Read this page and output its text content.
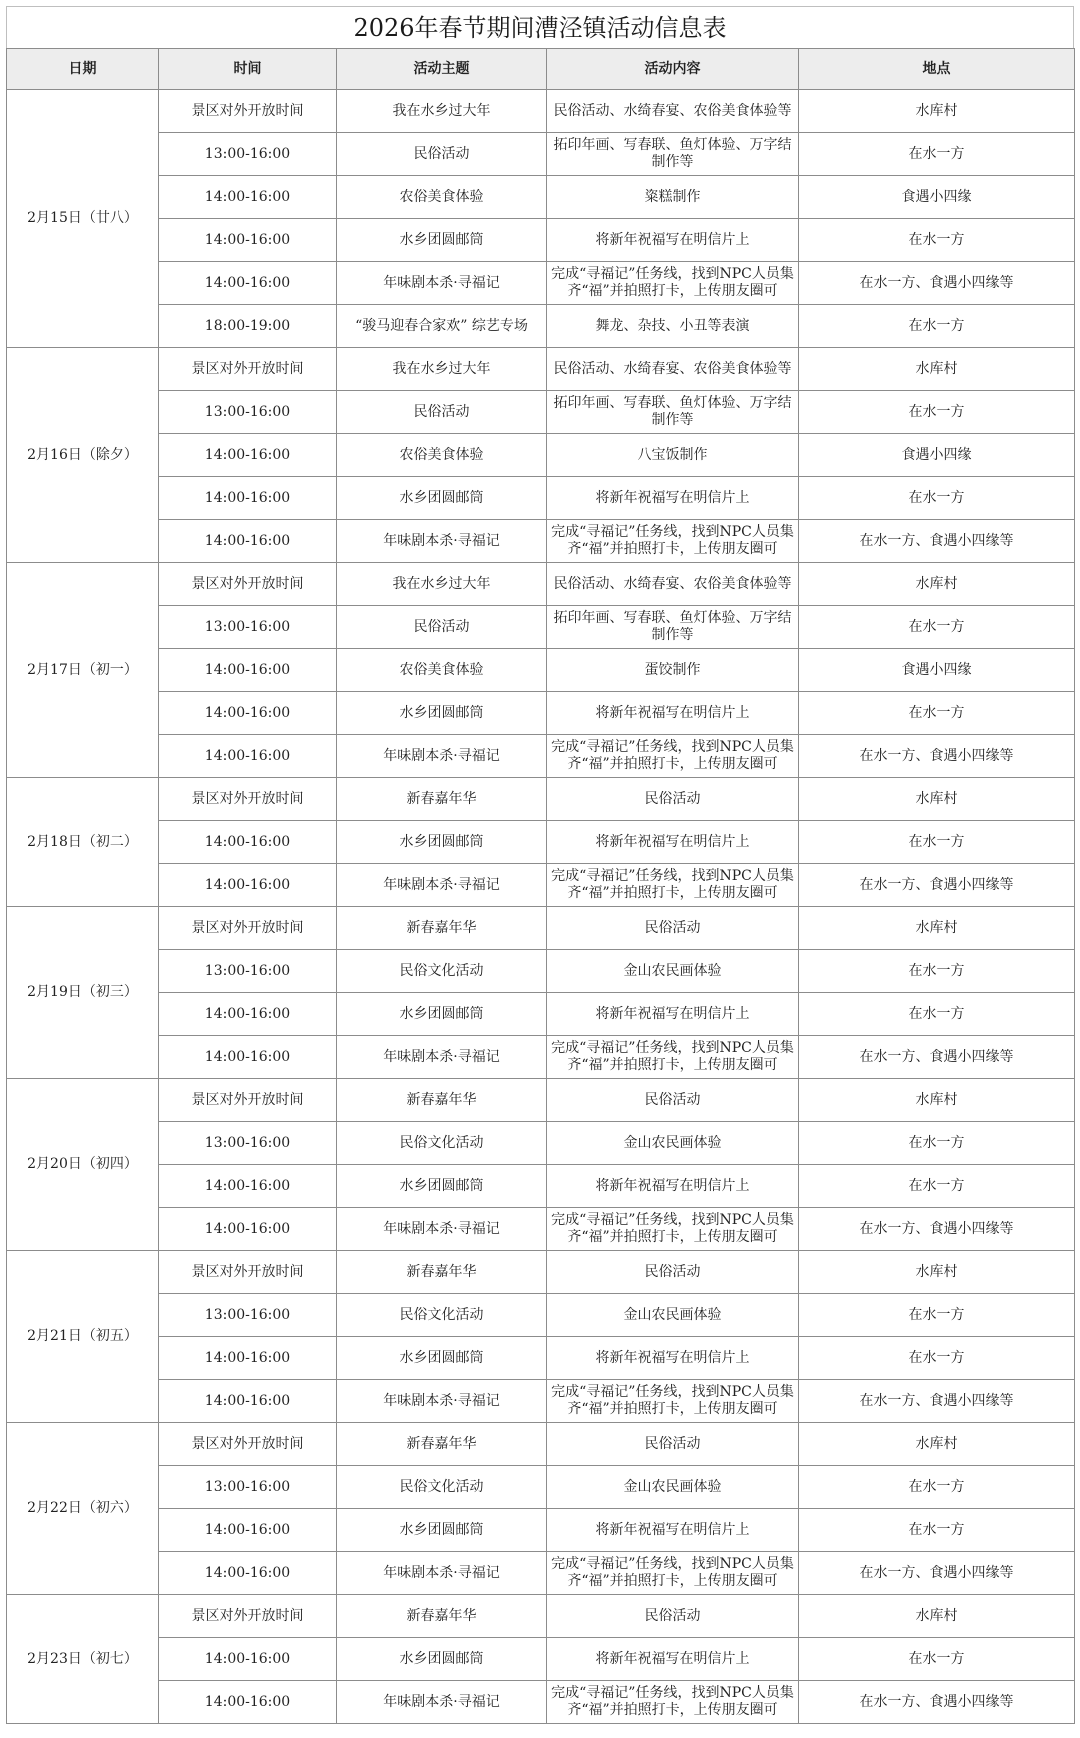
2026年春节期间漕泾镇活动信息表
日期	时间	活动主题	活动内容	地点
2月15日（廿八）	景区对外开放时间	我在水乡过大年	民俗活动、水绮春宴、农俗美食体验等	水库村
	13:00-16:00	民俗活动	拓印年画、写春联、鱼灯体验、万字结制作等	在水一方
	14:00-16:00	农俗美食体验	粢糕制作	食遇小四缘
	14:00-16:00	水乡团圆邮筒	将新年祝福写在明信片上	在水一方
	14:00-16:00	年味剧本杀·寻福记	完成“寻福记”任务线，找到NPC人员集齐“福”并拍照打卡，上传朋友圈可	在水一方、食遇小四缘等
	18:00-19:00	“骏马迎春合家欢” 综艺专场	舞龙、杂技、小丑等表演	在水一方
2月16日（除夕）	景区对外开放时间	我在水乡过大年	民俗活动、水绮春宴、农俗美食体验等	水库村
	13:00-16:00	民俗活动	拓印年画、写春联、鱼灯体验、万字结制作等	在水一方
	14:00-16:00	农俗美食体验	八宝饭制作	食遇小四缘
	14:00-16:00	水乡团圆邮筒	将新年祝福写在明信片上	在水一方
	14:00-16:00	年味剧本杀·寻福记	完成“寻福记”任务线，找到NPC人员集齐“福”并拍照打卡，上传朋友圈可	在水一方、食遇小四缘等
2月17日（初一）	景区对外开放时间	我在水乡过大年	民俗活动、水绮春宴、农俗美食体验等	水库村
	13:00-16:00	民俗活动	拓印年画、写春联、鱼灯体验、万字结制作等	在水一方
	14:00-16:00	农俗美食体验	蛋饺制作	食遇小四缘
	14:00-16:00	水乡团圆邮筒	将新年祝福写在明信片上	在水一方
	14:00-16:00	年味剧本杀·寻福记	完成“寻福记”任务线，找到NPC人员集齐“福”并拍照打卡，上传朋友圈可	在水一方、食遇小四缘等
2月18日（初二）	景区对外开放时间	新春嘉年华	民俗活动	水库村
	14:00-16:00	水乡团圆邮筒	将新年祝福写在明信片上	在水一方
	14:00-16:00	年味剧本杀·寻福记	完成“寻福记”任务线，找到NPC人员集齐“福”并拍照打卡，上传朋友圈可	在水一方、食遇小四缘等
2月19日（初三）	景区对外开放时间	新春嘉年华	民俗活动	水库村
	13:00-16:00	民俗文化活动	金山农民画体验	在水一方
	14:00-16:00	水乡团圆邮筒	将新年祝福写在明信片上	在水一方
	14:00-16:00	年味剧本杀·寻福记	完成“寻福记”任务线，找到NPC人员集齐“福”并拍照打卡，上传朋友圈可	在水一方、食遇小四缘等
2月20日（初四）	景区对外开放时间	新春嘉年华	民俗活动	水库村
	13:00-16:00	民俗文化活动	金山农民画体验	在水一方
	14:00-16:00	水乡团圆邮筒	将新年祝福写在明信片上	在水一方
	14:00-16:00	年味剧本杀·寻福记	完成“寻福记”任务线，找到NPC人员集齐“福”并拍照打卡，上传朋友圈可	在水一方、食遇小四缘等
2月21日（初五）	景区对外开放时间	新春嘉年华	民俗活动	水库村
	13:00-16:00	民俗文化活动	金山农民画体验	在水一方
	14:00-16:00	水乡团圆邮筒	将新年祝福写在明信片上	在水一方
	14:00-16:00	年味剧本杀·寻福记	完成“寻福记”任务线，找到NPC人员集齐“福”并拍照打卡，上传朋友圈可	在水一方、食遇小四缘等
2月22日（初六）	景区对外开放时间	新春嘉年华	民俗活动	水库村
	13:00-16:00	民俗文化活动	金山农民画体验	在水一方
	14:00-16:00	水乡团圆邮筒	将新年祝福写在明信片上	在水一方
	14:00-16:00	年味剧本杀·寻福记	完成“寻福记”任务线，找到NPC人员集齐“福”并拍照打卡，上传朋友圈可	在水一方、食遇小四缘等
2月23日（初七）	景区对外开放时间	新春嘉年华	民俗活动	水库村
	14:00-16:00	水乡团圆邮筒	将新年祝福写在明信片上	在水一方
	14:00-16:00	年味剧本杀·寻福记	完成“寻福记”任务线，找到NPC人员集齐“福”并拍照打卡，上传朋友圈可	在水一方、食遇小四缘等
